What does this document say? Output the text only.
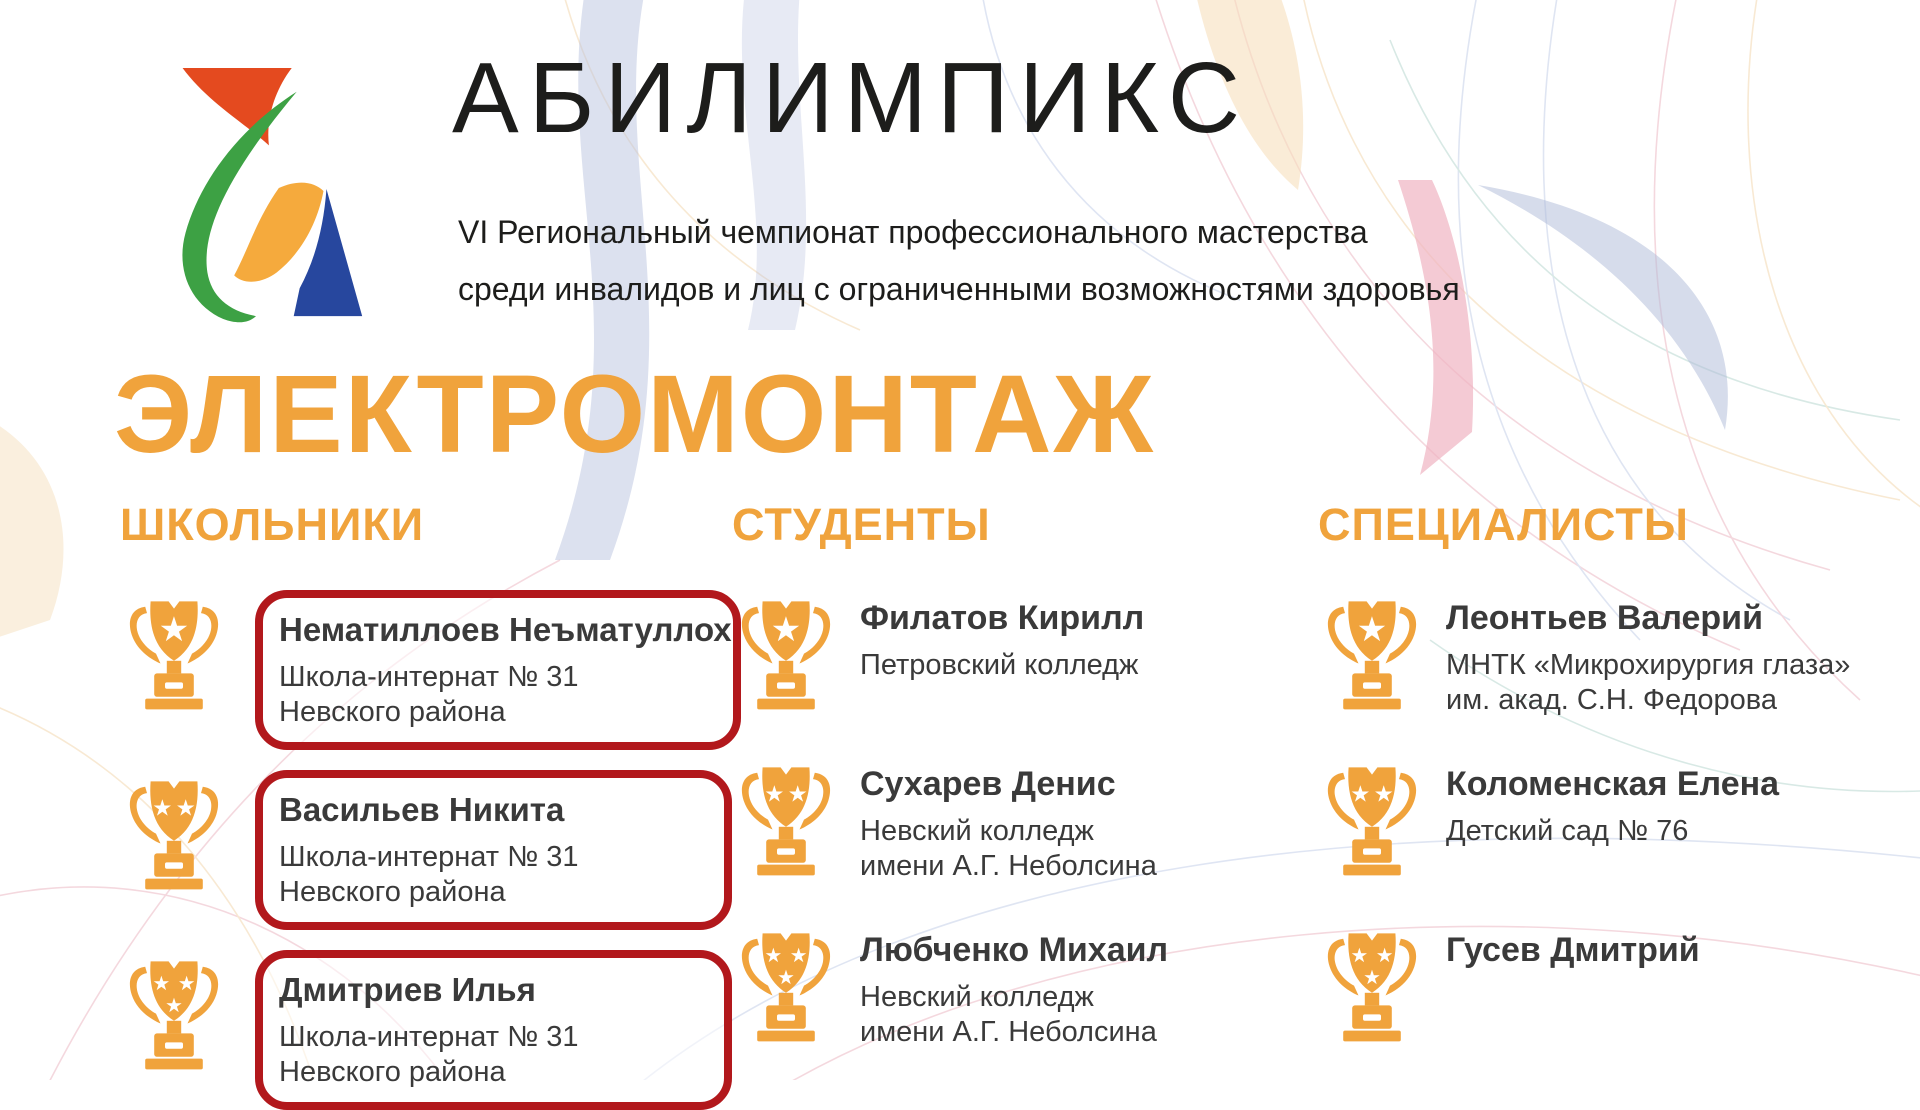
АБИЛИМПИКС
VI Региональный чемпионат профессионального мастерства
среди инвалидов и лиц с ограниченными возможностями здоровья
ЭЛЕКТРОМОНТАЖ
ШКОЛЬНИКИ
★	Нематиллоев Неъматуллох
Школа-интернат № 31
Невского района
★ ★	Васильев Никита
Школа-интернат № 31
Невского района
★ ★
★	Дмитриев Илья
Школа-интернат № 31
Невского района
СТУДЕНТЫ
★ Филатов Кирилл
Петровский колледж
★ ★ Сухарев Денис
Невский колледж
имени А.Г. Неболсина
★ ★
★
Любченко Михаил
Невский колледж
имени А.Г. Неболсина
СПЕЦИАЛИСТЫ
★ Леонтьев Валерий
МНТК «Микрохирургия глаза»
им. акад. С.Н. Федорова
★ ★ Коломенская Елена
Детский сад № 76
★ ★
★
Гусев Дмитрий
